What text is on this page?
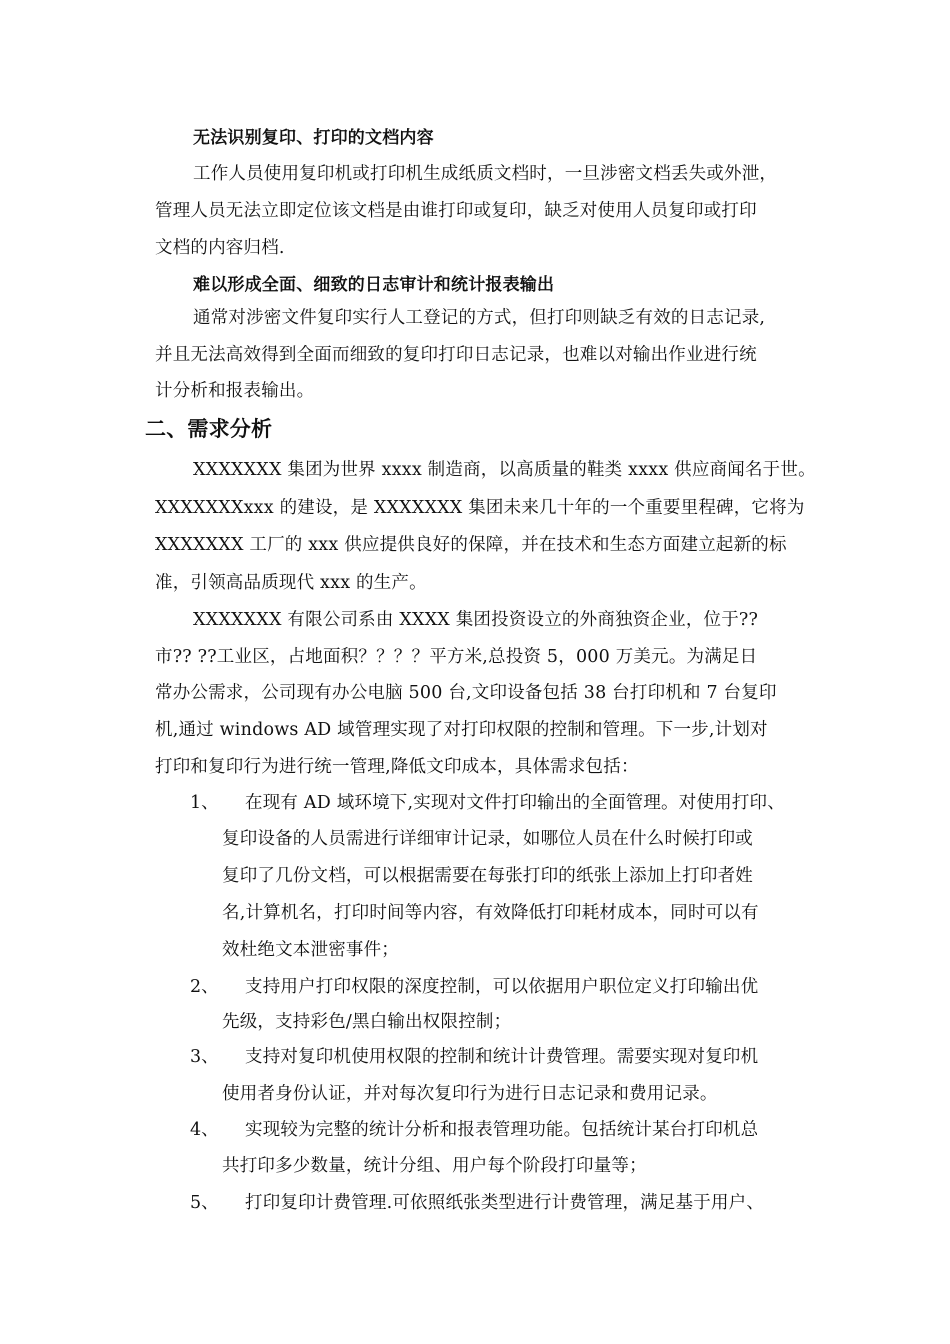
无法识别复印、打印的文档内容
工作人员使用复印机或打印机生成纸质文档时，一旦涉密文档丢失或外泄，
管理人员无法立即定位该文档是由谁打印或复印，缺乏对使用人员复印或打印
文档的内容归档.
难以形成全面、细致的日志审计和统计报表输出
通常对涉密文件复印实行人工登记的方式，但打印则缺乏有效的日志记录,
并且无法高效得到全面而细致的复印打印日志记录，也难以对输出作业进行统
计分析和报表输出。
二、需求分析
XXXXXXX 集团为世界 xxxx 制造商，以高质量的鞋类 xxxx 供应商闻名于世。
XXXXXXXxxx 的建设，是 XXXXXXX 集团未来几十年的一个重要里程碑，它将为
XXXXXXX 工厂的 xxx 供应提供良好的保障，并在技术和生态方面建立起新的标
准，引领高品质现代 xxx 的生产。
XXXXXXX 有限公司系由 XXXX 集团投资设立的外商独资企业，位于??
市?? ??工业区，占地面积？？？？平方米,总投资 5，000 万美元。为满足日
常办公需求，公司现有办公电脑 500 台,文印设备包括 38 台打印机和 7 台复印
机,通过 windows AD 域管理实现了对打印权限的控制和管理。下一步,计划对
打印和复印行为进行统一管理,降低文印成本，具体需求包括：
1、 在现有 AD 域环境下,实现对文件打印输出的全面管理。对使用打印、
复印设备的人员需进行详细审计记录，如哪位人员在什么时候打印或
复印了几份文档，可以根据需要在每张打印的纸张上添加上打印者姓
名,计算机名，打印时间等内容，有效降低打印耗材成本，同时可以有
效杜绝文本泄密事件；
2、 支持用户打印权限的深度控制，可以依据用户职位定义打印输出优
先级，支持彩色/黑白输出权限控制；
3、 支持对复印机使用权限的控制和统计计费管理。需要实现对复印机
使用者身份认证，并对每次复印行为进行日志记录和费用记录。
4、 实现较为完整的统计分析和报表管理功能。包括统计某台打印机总
共打印多少数量，统计分组、用户每个阶段打印量等；
5、 打印复印计费管理.可依照纸张类型进行计费管理，满足基于用户、
